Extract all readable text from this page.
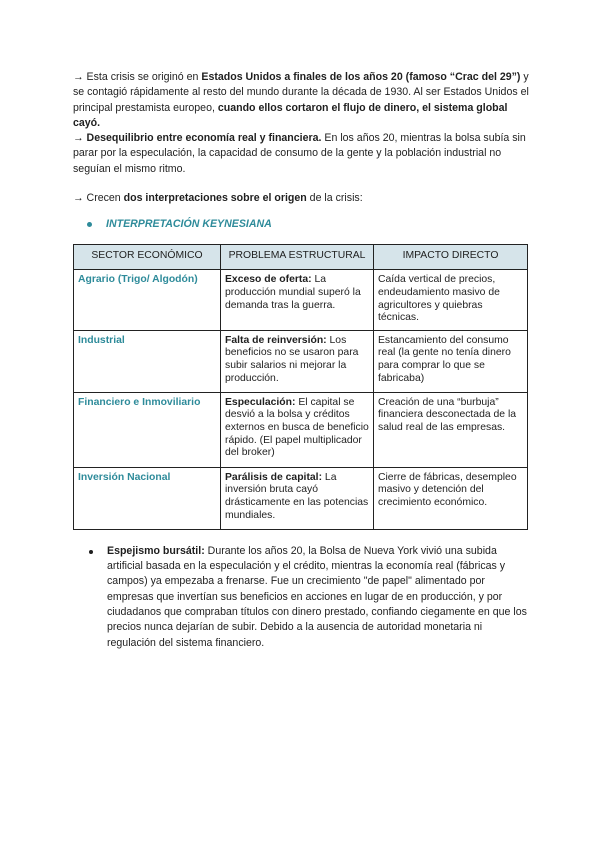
→ Esta crisis se originó en Estados Unidos a finales de los años 20 (famoso “Crac del 29”) y se contagió rápidamente al resto del mundo durante la década de 1930. Al ser Estados Unidos el principal prestamista europeo, cuando ellos cortaron el flujo de dinero, el sistema global cayó.

→ Desequilibrio entre economía real y financiera. En los años 20, mientras la bolsa subía sin parar por la especulación, la capacidad de consumo de la gente y la población industrial no seguían el mismo ritmo.

→ Crecen dos interpretaciones sobre el origen de la crisis:

INTERPRETACIÓN KEYNESIANA
SECTOR ECONÓMICO	PROBLEMA ESTRUCTURAL	IMPACTO DIRECTO
Agrario (Trigo/ Algodón)	Exceso de oferta: La producción mundial superó la demanda tras la guerra.	Caída vertical de precios, endeudamiento masivo de agricultores y quiebras técnicas.
Industrial	Falta de reinversión: Los beneficios no se usaron para subir salarios ni mejorar la producción.	Estancamiento del consumo real (la gente no tenía dinero para comprar lo que se fabricaba)
Financiero e Inmoviliario	Especulación: El capital se desvió a la bolsa y créditos externos en busca de beneficio rápido. (El papel multiplicador del broker)	Creación de una “burbuja” financiera desconectada de la salud real de las empresas.
Inversión Nacional	Parálisis de capital: La inversión bruta cayó drásticamente en las potencias mundiales.	Cierre de fábricas, desempleo masivo y detención del crecimiento económico.

Espejismo bursátil: Durante los años 20, la Bolsa de Nueva York vivió una subida artificial basada en la especulación y el crédito, mientras la economía real (fábricas y campos) ya empezaba a frenarse. Fue un crecimiento "de papel" alimentado por empresas que invertían sus beneficios en acciones en lugar de en producción, y por ciudadanos que compraban títulos con dinero prestado, confiando ciegamente en que los precios nunca dejarían de subir. Debido a la ausencia de autoridad monetaria ni regulación del sistema financiero.
